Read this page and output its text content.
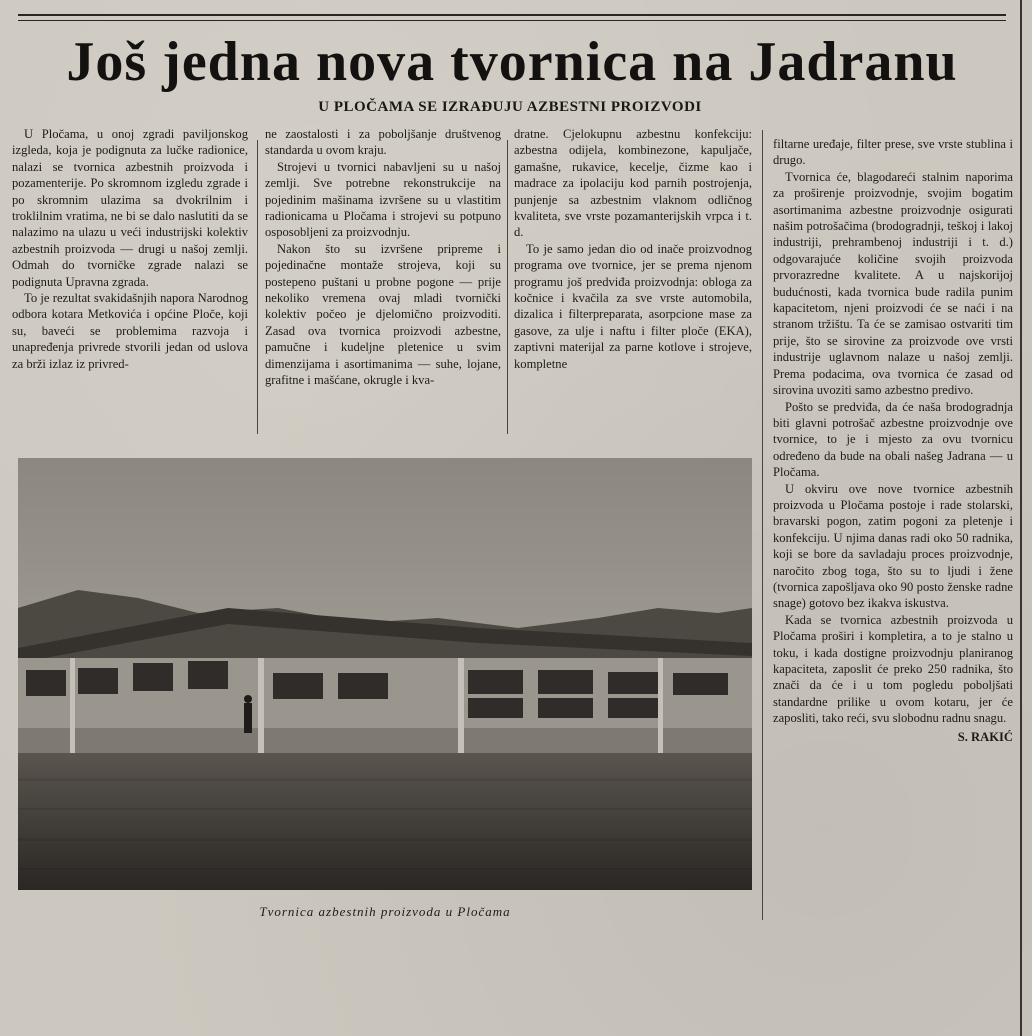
Još jedna nova tvornica na Jadranu
U PLOČAMA SE IZRAĐUJU AZBESTNI PROIZVODI

U Pločama, u onoj zgradi paviljonskog izgleda, koja je podignuta za lučke radionice, nalazi se tvornica azbestnih proizvoda i pozamenterije. Po skromnom izgledu zgrade i po skromnim ulazima sa dvokrilnim i troklilnim vratima, ne bi se dalo naslutiti da se nalazimo na ulazu u veći industrijski kolektiv azbestnih proizvoda — drugi u našoj zemlji. Odmah do tvorničke zgrade nalazi se podignuta Upravna zgrada.

To je rezultat svakidašnjih napora Narodnog odbora kotara Metkovića i općine Ploče, koji su, baveći se problemima razvoja i unapređenja privrede stvorili jedan od uslova za brži izlaz iz privred-

ne zaostalosti i za poboljšanje društvenog standarda u ovom kraju.

Strojevi u tvornici nabavljeni su u našoj zemlji. Sve potrebne rekonstrukcije na pojedinim mašinama izvršene su u vlastitim radionicama u Pločama i strojevi su potpuno osposobljeni za proizvodnju.

Nakon što su izvršene pripreme i pojedinačne montaže strojeva, koji su postepeno puštani u probne pogone — prije nekoliko vremena ovaj mladi tvornički kolektiv počeo je djelomično proizvoditi. Zasad ova tvornica proizvodi azbestne, pamučne i kudeljne pletenice u svim dimenzijama i asortimanima — suhe, lojane, grafitne i mašćane, okrugle i kva-

dratne. Cjelokupnu azbestnu konfekciju: azbestna odijela, kombinezone, kapuljače, gamašne, rukavice, kecelje, čizme kao i madrace za ipolaciju kod parnih postrojenja, punjenje sa azbestnim vlaknom odličnog kvaliteta, sve vrste pozamanterijskih vrpca i t. d.

To je samo jedan dio od inače proizvodnog programa ove tvornice, jer se prema njenom programu još predviđa proizvodnja: obloga za kočnice i kvačila za sve vrste automobila, dizalica i filterpreparata, asorpcione mase za gasove, za ulje i naftu i filter ploče (EKA), zaptivni materijal za parne kotlove i strojeve, kompletne

filtarne uređaje, filter prese, sve vrste stublina i drugo.

Tvornica će, blagodareći stalnim naporima za proširenje proizvodnje, svojim bogatim asortimanima azbestne proizvodnje osigurati našim potrošačima (brodogradnji, teškoj i lakoj industriji, prehrambenoj industriji i t. d.) odgovarajuće količine svojih proizvoda prvorazredne kvalitete. A u najskorijoj budućnosti, kada tvornica bude radila punim kapacitetom, njeni proizvodi će se naći i na stranom tržištu. Ta će se zamisao ostvariti tim prije, što se sirovine za proizvode ove vrsti industrije uglavnom nalaze u našoj zemlji. Prema podacima, ova tvornica će zasad od sirovina uvoziti samo azbestno predivo.

Pošto se predviđa, da će naša brodogradnja biti glavni potrošač azbestne proizvodnje ove tvornice, to je i mjesto za ovu tvornicu određeno da bude na obali našeg Jadrana — u Pločama.

U okviru ove nove tvornice azbestnih proizvoda u Pločama postoje i rade stolarski, bravarski pogon, zatim pogoni za pletenje i konfekciju. U njima danas radi oko 50 radnika, koji se bore da savladaju proces proizvodnje, naročito zbog toga, što su to ljudi i žene (tvornica zapošljava oko 90 posto ženske radne snage) gotovo bez ikakva iskustva.

Kada se tvornica azbestnih proizvoda u Pločama proširi i kompletira, a to je stalno u toku, i kada dostigne proizvodnju planiranog kapaciteta, zaposlit će preko 250 radnika, što znači da će i u tom pogledu poboljšati standardne prilike u ovom kotaru, jer će zaposliti, tako reći, svu slobodnu radnu snagu.

S. RAKIĆ

Tvornica azbestnih proizvoda u Pločama
